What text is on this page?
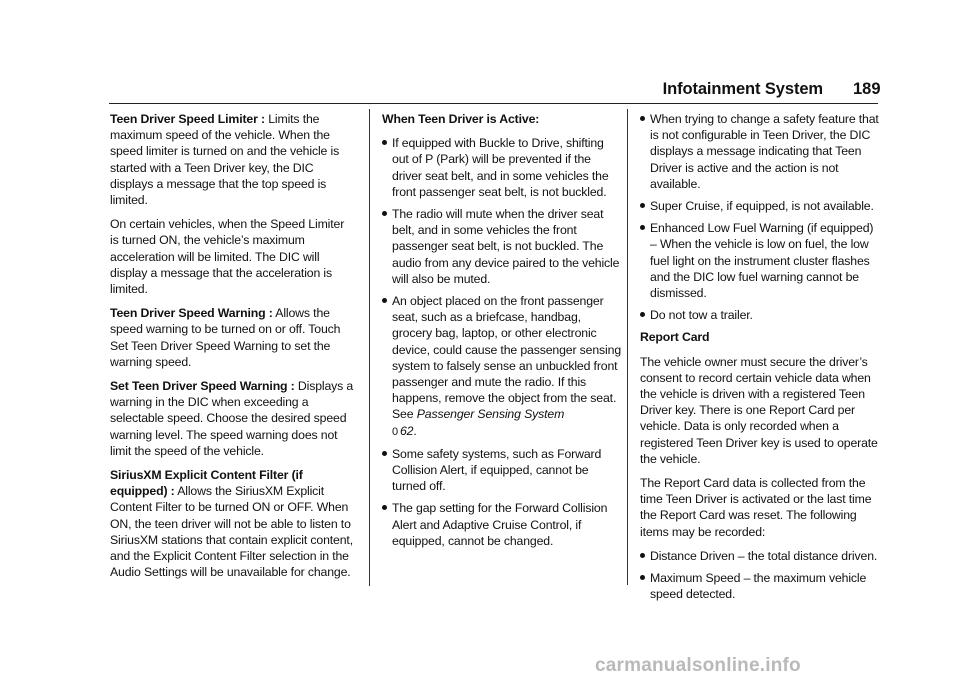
Infotainment System 189

Teen Driver Speed Limiter : Limits the maximum speed of the vehicle. When the speed limiter is turned on and the vehicle is started with a Teen Driver key, the DIC displays a message that the top speed is limited.

On certain vehicles, when the Speed Limiter is turned ON, the vehicle’s maximum acceleration will be limited. The DIC will display a message that the acceleration is limited.

Teen Driver Speed Warning : Allows the speed warning to be turned on or off. Touch Set Teen Driver Speed Warning to set the warning speed.

Set Teen Driver Speed Warning : Displays a warning in the DIC when exceeding a selectable speed. Choose the desired speed warning level. The speed warning does not limit the speed of the vehicle.

SiriusXM Explicit Content Filter (if equipped) : Allows the SiriusXM Explicit Content Filter to be turned ON or OFF. When ON, the teen driver will not be able to listen to SiriusXM stations that contain explicit content, and the Explicit Content Filter selection in the Audio Settings will be unavailable for change.

When Teen Driver is Active:

If equipped with Buckle to Drive, shifting out of P (Park) will be prevented if the driver seat belt, and in some vehicles the front passenger seat belt, is not buckled.
The radio will mute when the driver seat belt, and in some vehicles the front passenger seat belt, is not buckled. The audio from any device paired to the vehicle will also be muted.
An object placed on the front passenger seat, such as a briefcase, handbag, grocery bag, laptop, or other electronic device, could cause the passenger sensing system to falsely sense an unbuckled front passenger and mute the radio. If this happens, remove the object from the seat. See Passenger Sensing System
0 62.
Some safety systems, such as Forward Collision Alert, if equipped, cannot be turned off.
The gap setting for the Forward Collision Alert and Adaptive Cruise Control, if equipped, cannot be changed.
When trying to change a safety feature that is not configurable in Teen Driver, the DIC displays a message indicating that Teen Driver is active and the action is not available.
Super Cruise, if equipped, is not available.
Enhanced Low Fuel Warning (if equipped) – When the vehicle is low on fuel, the low fuel light on the instrument cluster flashes and the DIC low fuel warning cannot be dismissed.
Do not tow a trailer.

Report Card

The vehicle owner must secure the driver’s consent to record certain vehicle data when the vehicle is driven with a registered Teen Driver key. There is one Report Card per vehicle. Data is only recorded when a registered Teen Driver key is used to operate the vehicle.

The Report Card data is collected from the time Teen Driver is activated or the last time the Report Card was reset. The following items may be recorded:

Distance Driven – the total distance driven.
Maximum Speed – the maximum vehicle speed detected.
carmanualsonline.info
